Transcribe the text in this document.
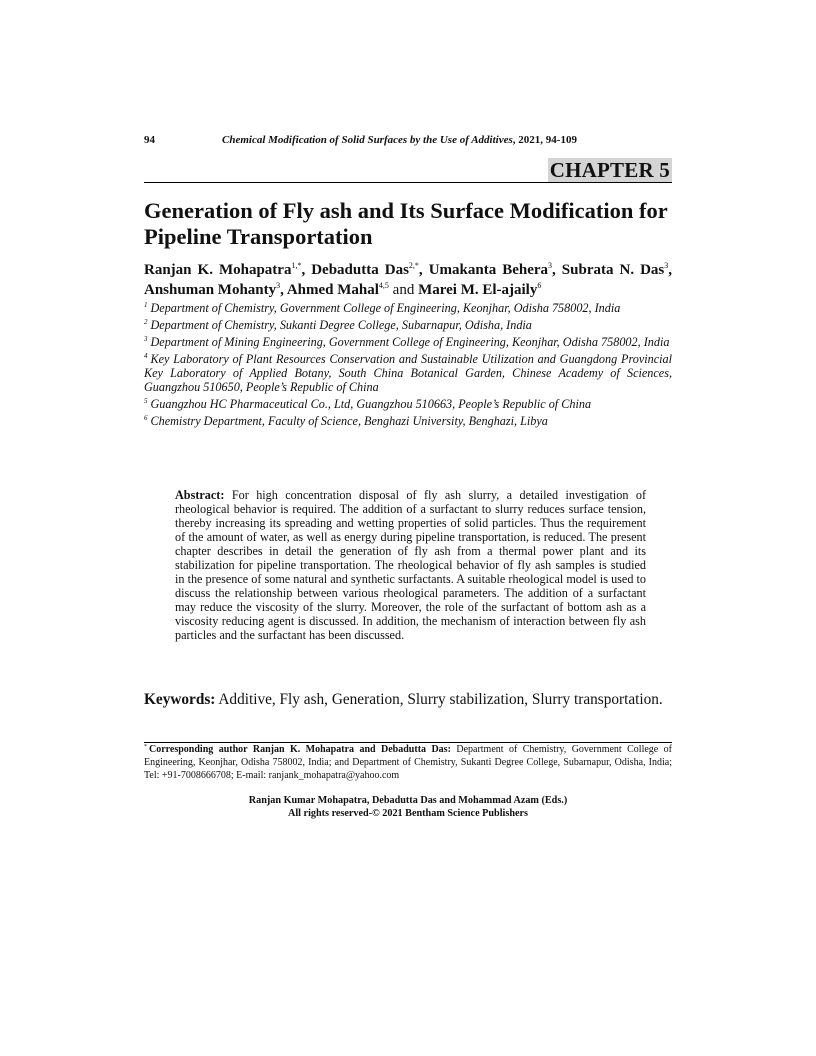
94	Chemical Modification of Solid Surfaces by the Use of Additives, 2021, 94-109
CHAPTER 5
Generation of Fly ash and Its Surface Modification for Pipeline Transportation
Ranjan K. Mohapatra$^{1,*}$, Debadutta Das$^{2,*}$, Umakanta Behera$^3$, Subrata N. Das$^3$, Anshuman Mohanty$^3$, Ahmed Mahal$^{4,5}$ and Marei M. El-ajaily$^6$
$^1$ Department of Chemistry, Government College of Engineering, Keonjhar, Odisha 758002, India
$^2$ Department of Chemistry, Sukanti Degree College, Subarnapur, Odisha, India
$^3$ Department of Mining Engineering, Government College of Engineering, Keonjhar, Odisha 758002, India
$^4$ Key Laboratory of Plant Resources Conservation and Sustainable Utilization and Guangdong Provincial Key Laboratory of Applied Botany, South China Botanical Garden, Chinese Academy of Sciences, Guangzhou 510650, People’s Republic of China
$^5$ Guangzhou HC Pharmaceutical Co., Ltd, Guangzhou 510663, People’s Republic of China
$^6$ Chemistry Department, Faculty of Science, Benghazi University, Benghazi, Libya
Abstract: For high concentration disposal of fly ash slurry, a detailed investigation of rheological behavior is required. The addition of a surfactant to slurry reduces surface tension, thereby increasing its spreading and wetting properties of solid particles. Thus the requirement of the amount of water, as well as energy during pipeline transportation, is reduced. The present chapter describes in detail the generation of fly ash from a thermal power plant and its stabilization for pipeline transportation. The rheological behavior of fly ash samples is studied in the presence of some natural and synthetic surfactants. A suitable rheological model is used to discuss the relationship between various rheological parameters. The addition of a surfactant may reduce the viscosity of the slurry. Moreover, the role of the surfactant of bottom ash as a viscosity reducing agent is discussed. In addition, the mechanism of interaction between fly ash particles and the surfactant has been discussed.
Keywords: Additive, Fly ash, Generation, Slurry stabilization, Slurry transportation.
* Corresponding author Ranjan K. Mohapatra and Debadutta Das: Department of Chemistry, Government College of Engineering, Keonjhar, Odisha 758002, India; and Department of Chemistry, Sukanti Degree College, Subarnapur, Odisha, India; Tel: +91-7008666708; E-mail: ranjank_mohapatra@yahoo.com
Ranjan Kumar Mohapatra, Debadutta Das and Mohammad Azam (Eds.)
All rights reserved-© 2021 Bentham Science Publishers
